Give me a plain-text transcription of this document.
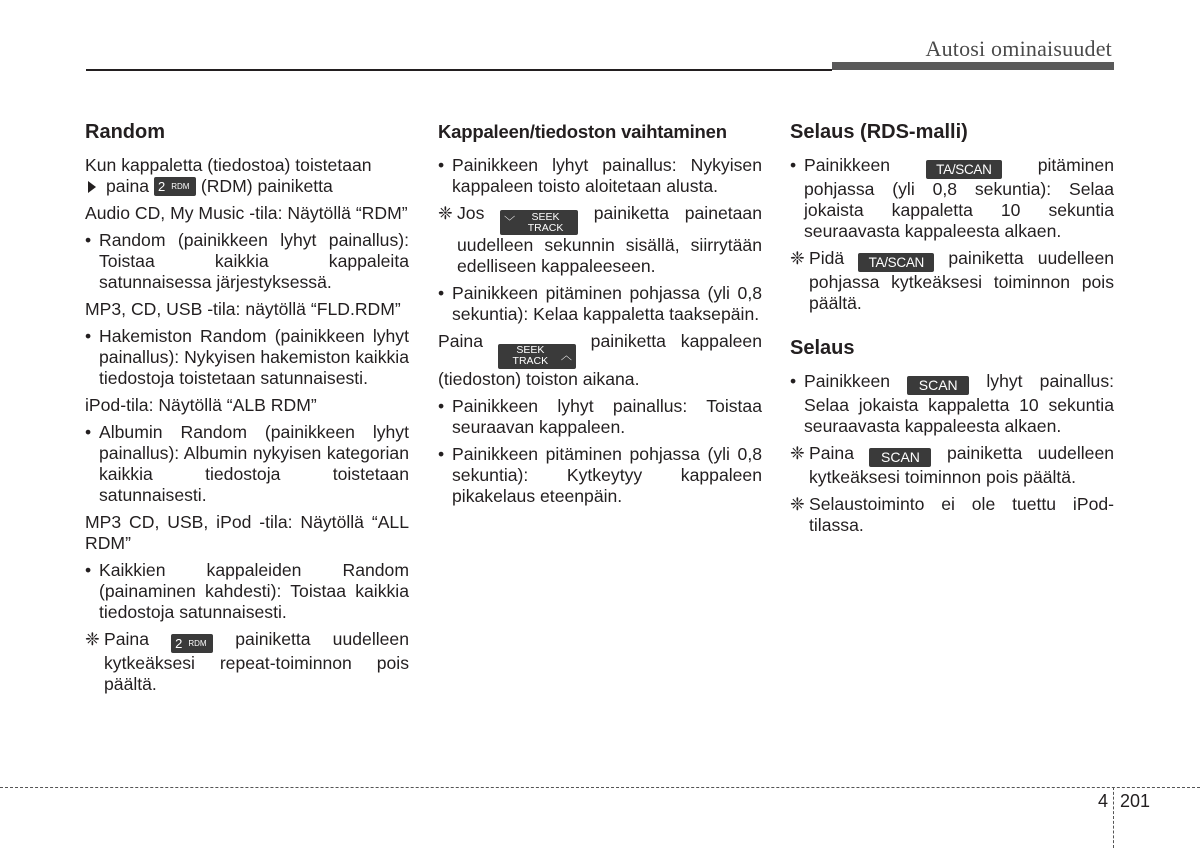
Autosi ominaisuudet
Random

Kun kappaletta (tiedostoa) toistetaan

paina
2 RDM
(RDM) painiketta

Audio CD, My Music -tila: Näytöllä “RDM”

• Random (painikkeen lyhyt painallus): Toistaa kaikkia kappaleita satunnaisessa järjestyksessä.

MP3, CD, USB -tila: näytöllä “FLD.RDM”

• Hakemiston Random (painikkeen lyhyt painallus): Nykyisen hakemiston kaikkia tiedostoja toistetaan satunnaisesti.

iPod-tila: Näytöllä “ALB RDM”

• Albumin Random (painikkeen lyhyt painallus): Albumin nykyisen kategorian kaikkia tiedostoja toistetaan satunnaisesti.

MP3 CD, USB, iPod -tila: Näytöllä “ALL RDM”

• Kaikkien kappaleiden Random (painaminen kahdesti): Toistaa kaikkia tiedostoja satunnaisesti.
❈ Paina 2 RDM painiketta uudelleen kytkeäksesi repeat-toiminnon pois päältä.
Kappaleen/tiedoston vaihtaminen
• Painikkeen lyhyt painallus: Nykyisen kappaleen toisto aloitetaan alusta.
❈ Jos ﹀ SEEK
TRACK
painiketta painetaan uudelleen sekunnin sisällä, siirrytään edelliseen kappaleeseen.
• Painikkeen pitäminen pohjassa (yli 0,8 sekuntia): Kelaa kappaletta taaksepäin.

Paina	SEEK
TRACK ︿
painiketta kappaleen (tiedoston) toiston aikana.

• Painikkeen lyhyt painallus: Toistaa seuraavan kappaleen.
• Painikkeen pitäminen pohjassa (yli 0,8 sekuntia): Kytkeytyy kappaleen pikakelaus eteenpäin.
Selaus (RDS-malli)
• Painikkeen	TA/SCAN	pitäminen pohjassa (yli 0,8 sekuntia): Selaa jokaista kappaletta 10 sekuntia seuraavasta kappaleesta alkaen.
❈ Pidä TA/SCAN painiketta uudelleen pohjassa kytkeäksesi toiminnon pois päältä.
Selaus
• Painikkeen SCAN lyhyt painallus: Selaa jokaista kappaletta 10 sekuntia seuraavasta kappaleesta alkaen.
❈ Paina SCAN painiketta uudelleen kytkeäksesi toiminnon pois päältä.
❈ Selaustoiminto ei ole tuettu iPod-tilassa.
4 201
